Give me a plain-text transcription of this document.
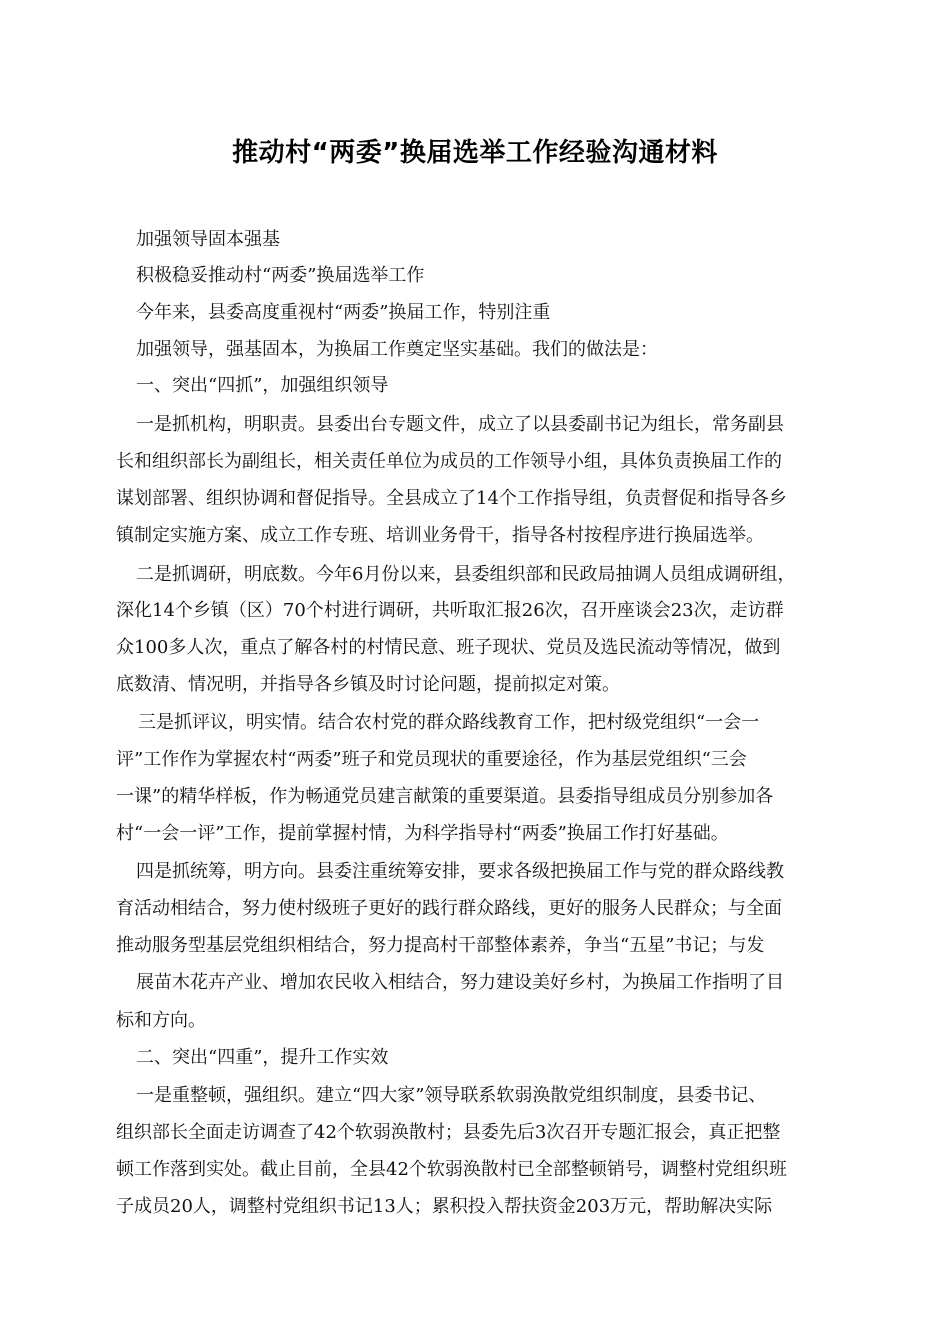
推动村“两委”换届选举工作经验沟通材料

加强领导固本强基

积极稳妥推动村“两委”换届选举工作

今年来，县委高度重视村“两委”换届工作，特别注重

加强领导，强基固本，为换届工作奠定坚实基础。我们的做法是：

一、突出“四抓”，加强组织领导

一是抓机构，明职责。县委出台专题文件，成立了以县委副书记为组长，常务副县

长和组织部长为副组长，相关责任单位为成员的工作领导小组，具体负责换届工作的

谋划部署、组织协调和督促指导。全县成立了14个工作指导组，负责督促和指导各乡

镇制定实施方案、成立工作专班、培训业务骨干，指导各村按程序进行换届选举。

二是抓调研，明底数。今年6月份以来，县委组织部和民政局抽调人员组成调研组，

深化14个乡镇（区）70个村进行调研，共听取汇报26次，召开座谈会23次，走访群

众100多人次，重点了解各村的村情民意、班子现状、党员及选民流动等情况，做到

底数清、情况明，并指导各乡镇及时讨论问题，提前拟定对策。

三是抓评议，明实情。结合农村党的群众路线教育工作，把村级党组织“一会一

评”工作作为掌握农村“两委”班子和党员现状的重要途径，作为基层党组织“三会

一课”的精华样板，作为畅通党员建言献策的重要渠道。县委指导组成员分别参加各

村“一会一评”工作，提前掌握村情，为科学指导村“两委”换届工作打好基础。

四是抓统筹，明方向。县委注重统筹安排，要求各级把换届工作与党的群众路线教

育活动相结合，努力使村级班子更好的践行群众路线，更好的服务人民群众；与全面

推动服务型基层党组织相结合，努力提高村干部整体素养，争当“五星”书记；与发

展苗木花卉产业、增加农民收入相结合，努力建设美好乡村，为换届工作指明了目

标和方向。

二、突出“四重”，提升工作实效

一是重整顿，强组织。建立“四大家”领导联系软弱涣散党组织制度，县委书记、

组织部长全面走访调查了42个软弱涣散村；县委先后3次召开专题汇报会，真正把整

顿工作落到实处。截止目前，全县42个软弱涣散村已全部整顿销号，调整村党组织班

子成员20人，调整村党组织书记13人；累积投入帮扶资金203万元，帮助解决实际
